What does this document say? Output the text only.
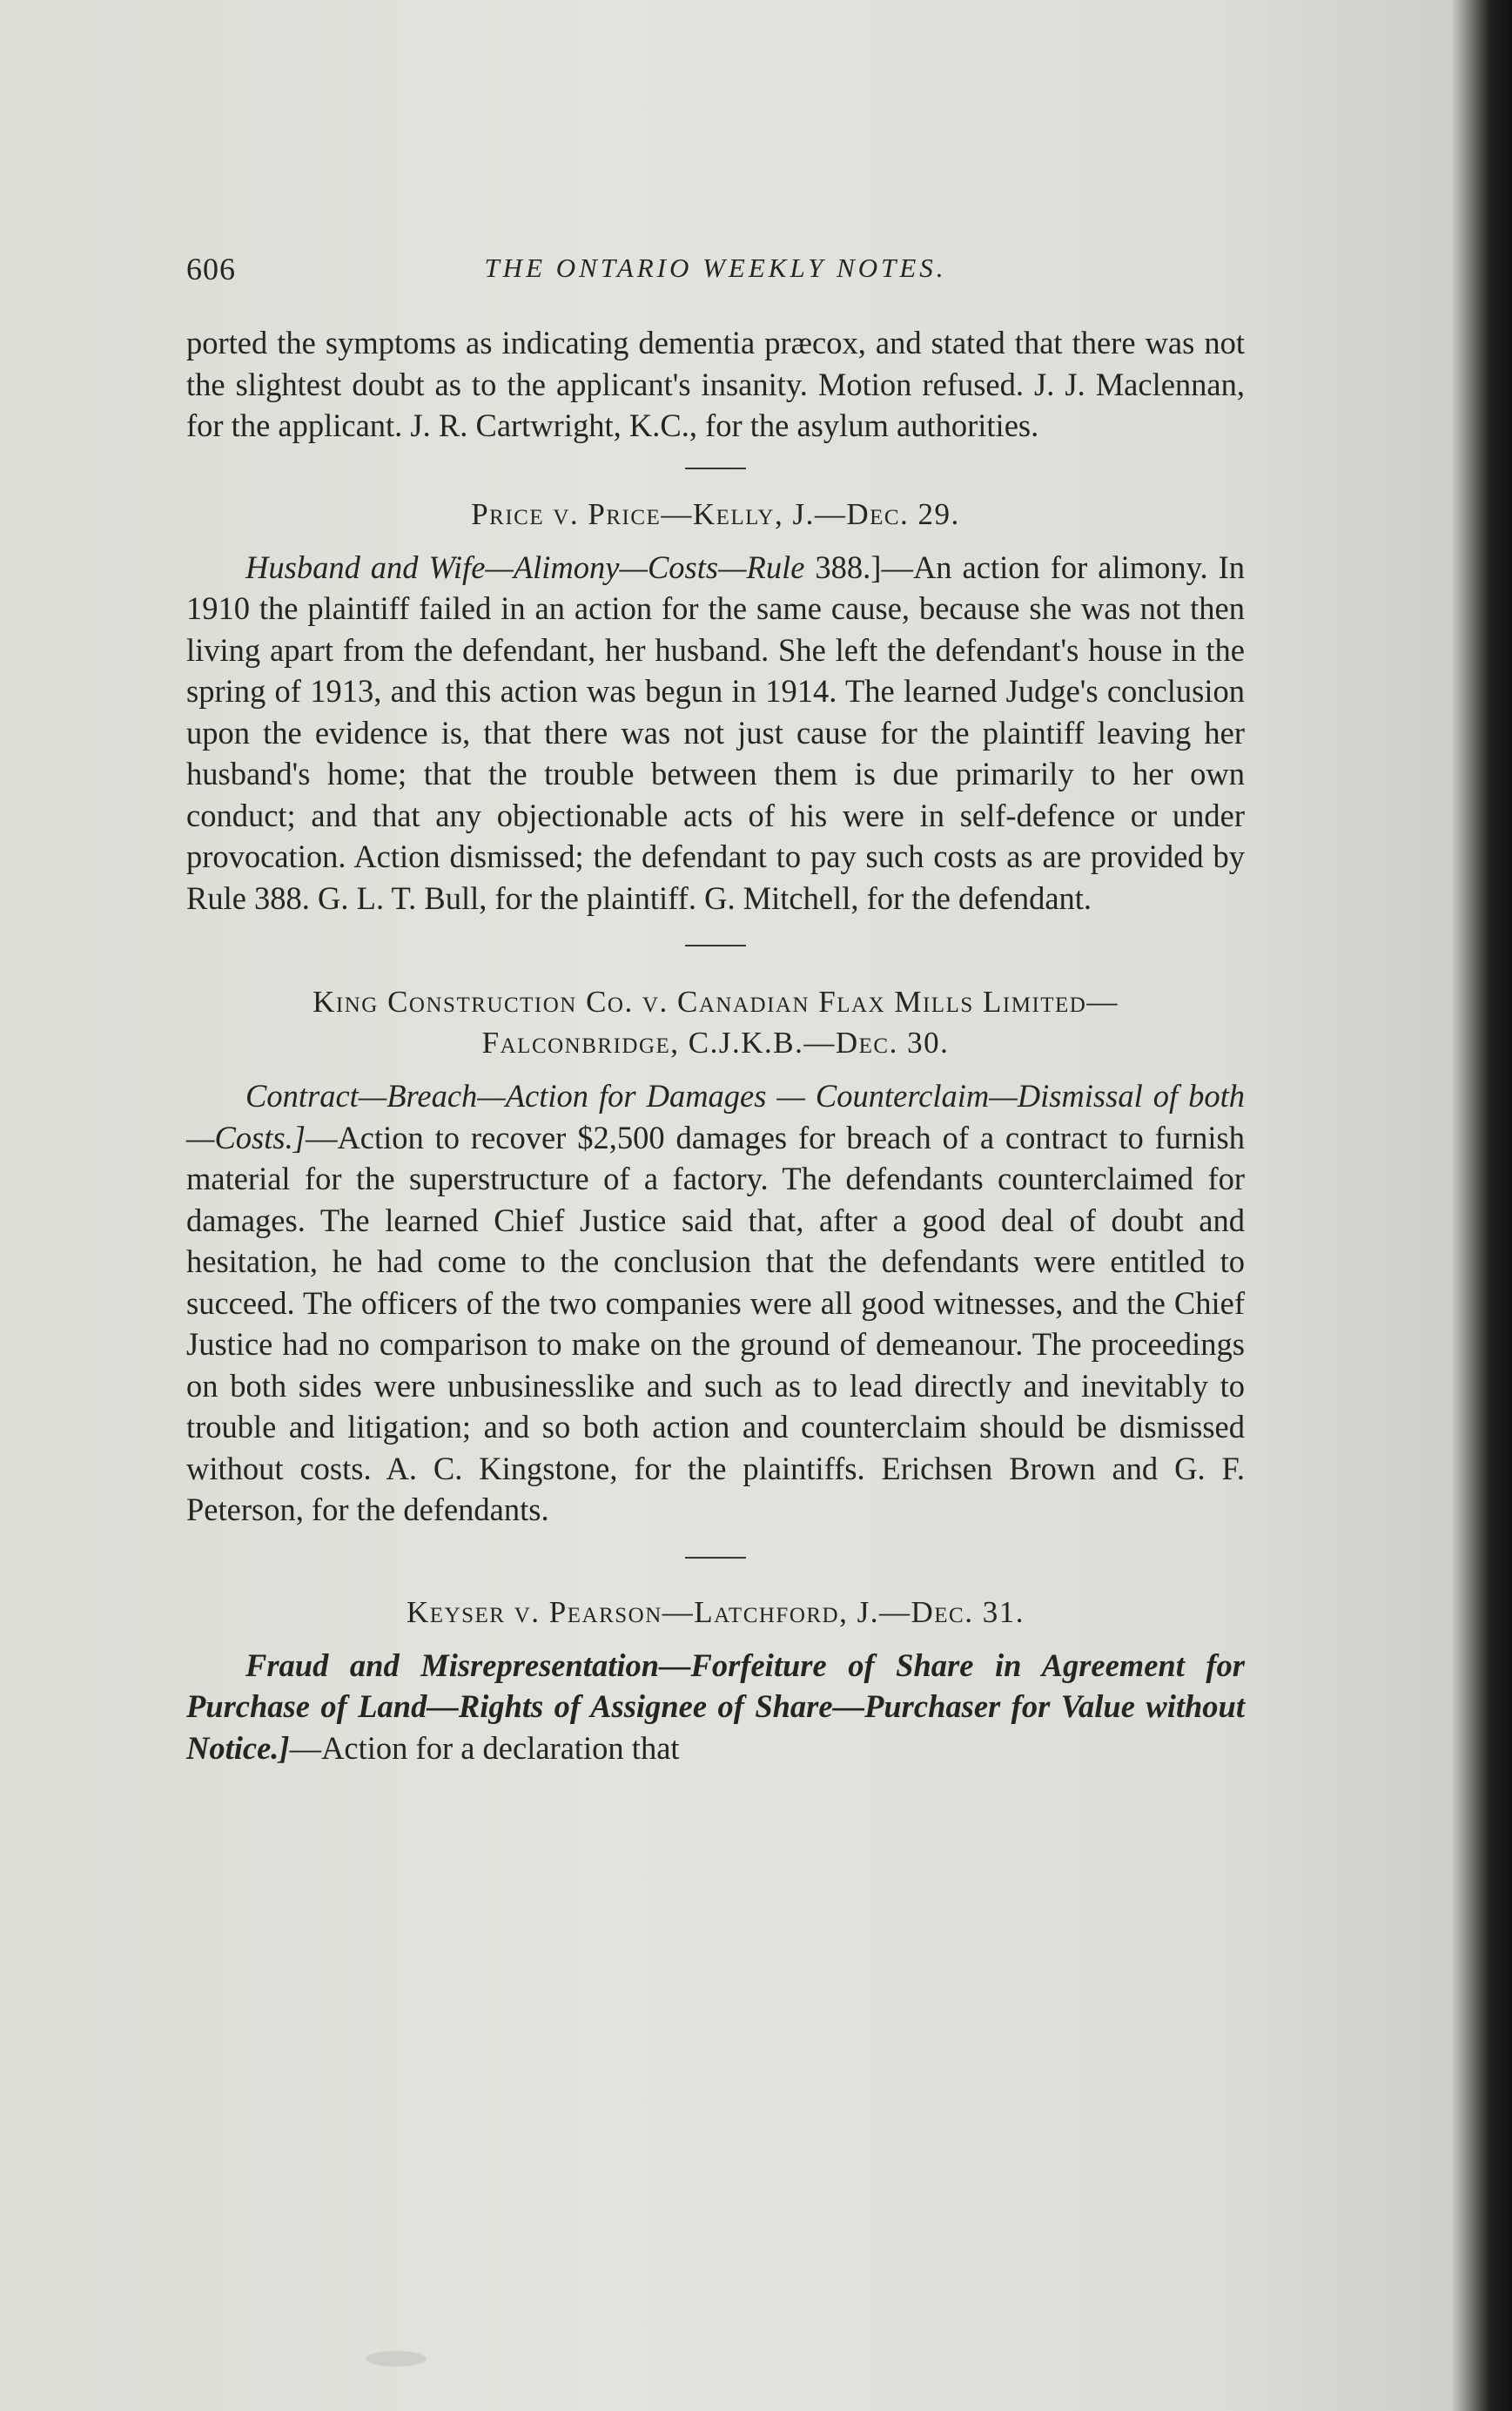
606	THE ONTARIO WEEKLY NOTES.

ported the symptoms as indicating dementia præcox, and stated that there was not the slightest doubt as to the applicant's insanity. Motion refused. J. J. Maclennan, for the applicant. J. R. Cartwright, K.C., for the asylum authorities.

Price v. Price—Kelly, J.—Dec. 29.

Husband and Wife—Alimony—Costs—Rule 388.]—An action for alimony. In 1910 the plaintiff failed in an action for the same cause, because she was not then living apart from the defendant, her husband. She left the defendant's house in the spring of 1913, and this action was begun in 1914. The learned Judge's conclusion upon the evidence is, that there was not just cause for the plaintiff leaving her husband's home; that the trouble between them is due primarily to her own conduct; and that any objectionable acts of his were in self-defence or under provocation. Action dismissed; the defendant to pay such costs as are provided by Rule 388. G. L. T. Bull, for the plaintiff. G. Mitchell, for the defendant.

King Construction Co. v. Canadian Flax Mills Limited—

Falconbridge, C.J.K.B.—Dec. 30.

Contract—Breach—Action for Damages — Counterclaim—Dismissal of both—Costs.]—Action to recover $2,500 damages for breach of a contract to furnish material for the superstructure of a factory. The defendants counterclaimed for damages. The learned Chief Justice said that, after a good deal of doubt and hesitation, he had come to the conclusion that the defendants were entitled to succeed. The officers of the two companies were all good witnesses, and the Chief Justice had no comparison to make on the ground of demeanour. The proceedings on both sides were unbusinesslike and such as to lead directly and inevitably to trouble and litigation; and so both action and counterclaim should be dismissed without costs. A. C. Kingstone, for the plaintiffs. Erichsen Brown and G. F. Peterson, for the defendants.

Keyser v. Pearson—Latchford, J.—Dec. 31.

Fraud and Misrepresentation—Forfeiture of Share in Agreement for Purchase of Land—Rights of Assignee of Share—Purchaser for Value without Notice.]—Action for a declaration that
